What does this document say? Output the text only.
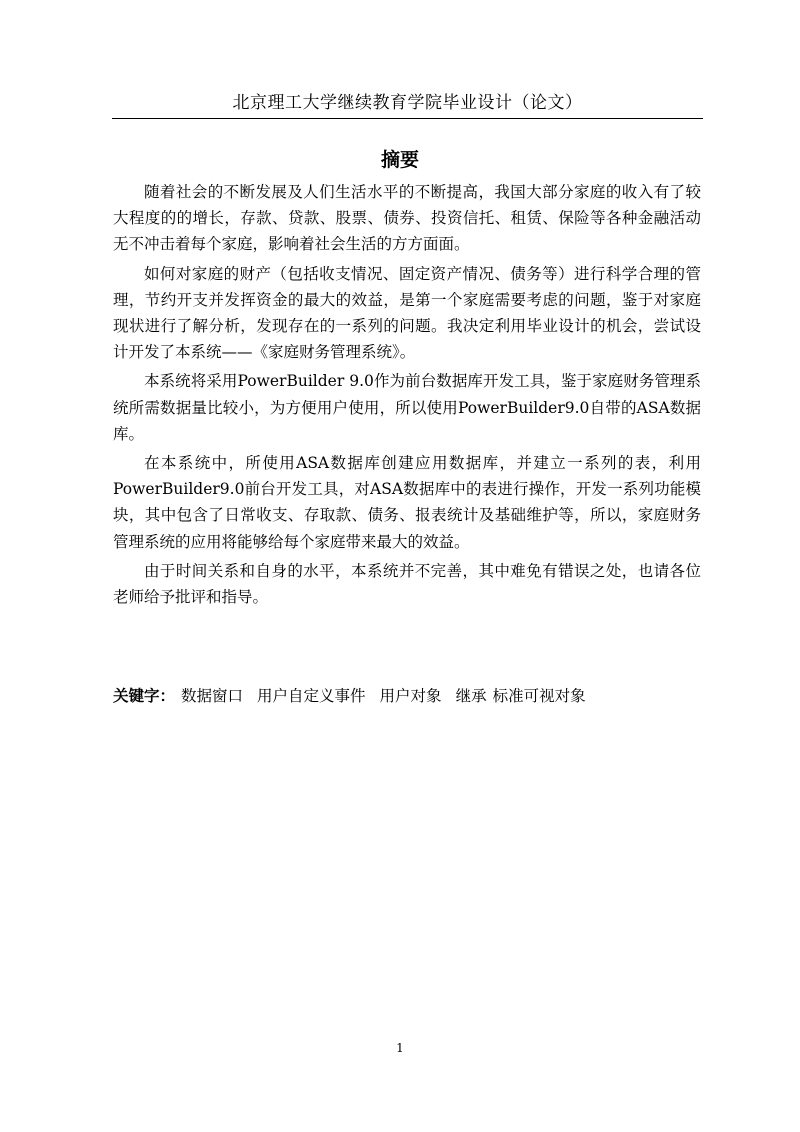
北京理工大学继续教育学院毕业设计（论文）
摘要

随着社会的不断发展及人们生活水平的不断提高，我国大部分家庭的收入有了较大程度的的增长，存款、贷款、股票、债券、投资信托、租赁、保险等各种金融活动无不冲击着每个家庭，影响着社会生活的方方面面。

如何对家庭的财产（包括收支情况、固定资产情况、债务等）进行科学合理的管理，节约开支并发挥资金的最大的效益，是第一个家庭需要考虑的问题，鉴于对家庭现状进行了解分析，发现存在的一系列的问题。我决定利用毕业设计的机会，尝试设计开发了本系统——《家庭财务管理系统》。

本系统将采用PowerBuilder 9.0作为前台数据库开发工具，鉴于家庭财务管理系统所需数据量比较小，为方便用户使用，所以使用PowerBuilder9.0自带的ASA数据库。

在本系统中，所使用ASA数据库创建应用数据库，并建立一系列的表，利用PowerBuilder9.0前台开发工具，对ASA数据库中的表进行操作，开发一系列功能模块，其中包含了日常收支、存取款、债务、报表统计及基础维护等，所以，家庭财务管理系统的应用将能够给每个家庭带来最大的效益。

由于时间关系和自身的水平，本系统并不完善，其中难免有错误之处，也请各位老师给予批评和指导。

关键字： 数据窗口 用户自定义事件 用户对象 继承 标准可视对象
1
